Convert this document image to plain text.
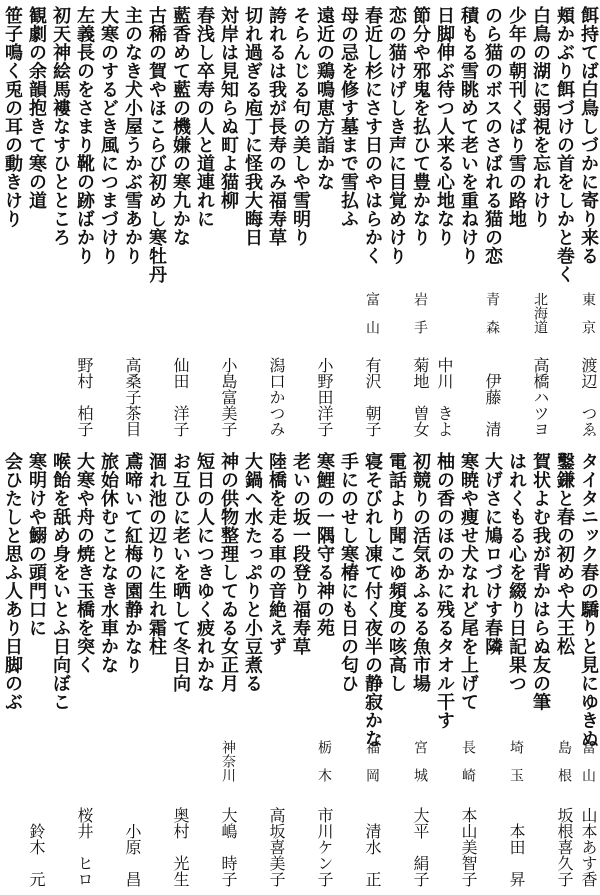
餌持てば白鳥しづかに寄り来る
東　京
渡辺　つゑ
頬かぶり餌づけの首をしかと巻く
白鳥の湖に弱視を忘れけり
北海道
高橋ハツヨ
少年の朝刊くばり雪の路地
のら猫のボスのさばれる猫の恋
青　森
伊藤　清
積もる雪眺めて老いを重ねけり
日脚伸ぶ待つ人来る心地なり
中川　きよ
節分や邪鬼を払ひて豊かなり
岩　手
菊地　曽女
恋の猫けげしき声に目覚めけり
春近し杉にさす日のやはらかく
富　山
有沢　朝子
母の忌を修す墓まで雪払ふ
遠近の鶏鳴恵方詣かな
小野田洋子
そらんじる句の美しや雪明り
誇れるは我が長寿のみ福寿草
潟口かつみ
切れ過ぎる庖丁に怪我大晦日
対岸は見知らぬ町よ猫柳
小島富美子
春浅し卒寿の人と道連れに
藍香めて藍の機嫌の寒九かな
仙田　洋子
古稀の賀やほこらび初めし寒牡丹
主のなき犬小屋うかぶ雪あかり
高桑子茶目
大寒のするどき風につまづけり
左義長のをさまり靴の跡ばかり
野村　柏子
初天神絵馬褸なすひとところ
観劇の余韻抱きて寒の道
笹子鳴く兎の耳の動きけり
タイタニック春の驕りと見にゆきぬ
富　山
山本あす香
鑿鎌と春の初めや大王松
島　根
坂根喜久子
賀状よむ我が背かはらぬ友の筆
はれくもる心を綴り日記果つ
埼　玉
本田　昇
大げさに鳩ロづけす春隣
寒暁や痩せ犬なれど尾を上げて
長　崎
本山美智子
柚の香のほのかに残るタオル干す
初競りの活気あふるる魚市場
宮　城
大平　絹子
電話より聞こゆ頻度の咳高し
寝そびれし凍て付く夜半の静寂かな
福　岡
清水　正
手にのせし寒椿にも日の匂ひ
寒鯉の一隅守る神の苑
栃　木
市川ケン子
老いの坂一段登り福寿草
陸橋を走る車の音絶えず
高坂喜美子
大鍋へ水たっぷりと小豆煮る
神の供物整理してゐる女正月
神奈川
大嶋　時子
短日の人につきゆく疲れかな
お互ひに老いを晒して冬日向
奥村　光生
涸れ池の辺りに生れ霜柱
鳶啼いて紅梅の園静かなり
小原　昌
旅始休むことなき水車かな
大寒や舟の焼き玉橋を突く
桜井　ヒロ
喉飴を舐め身をいとふ日向ぼこ
寒明けや鰯の頭門口に
鈴木　元
会ひたしと思ふ人あり日脚のぶ
